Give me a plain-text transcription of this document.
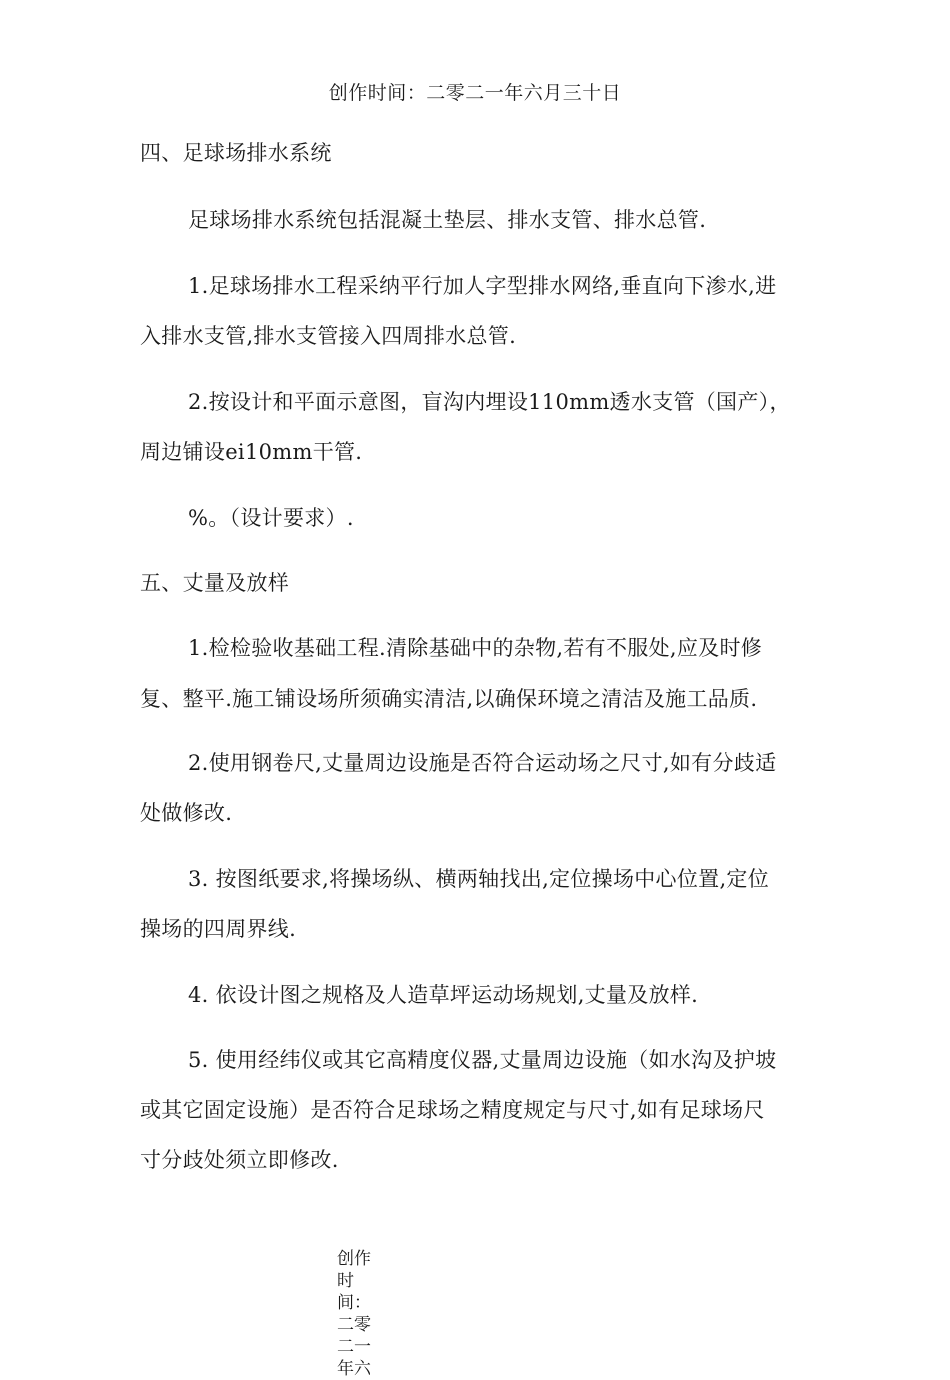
创作时间：二零二一年六月三十日
四、足球场排水系统
足球场排水系统包括混凝土垫层、排水支管、排水总管.
1.足球场排水工程采纳平行加人字型排水网络,垂直向下渗水,进
入排水支管,排水支管接入四周排水总管.
2.按设计和平面示意图，盲沟内埋设110mm透水支管（国产），
周边铺设ei10mm干管.
%。（设计要求）.
五、丈量及放样
1.检检验收基础工程.清除基础中的杂物,若有不服处,应及时修
复、整平.施工铺设场所须确实清洁,以确保环境之清洁及施工品质.
2.使用钢卷尺,丈量周边设施是否符合运动场之尺寸,如有分歧适
处做修改.
3. 按图纸要求,将操场纵、横两轴找出,定位操场中心位置,定位
操场的四周界线.
4. 依设计图之规格及人造草坪运动场规划,丈量及放样.
5. 使用经纬仪或其它高精度仪器,丈量周边设施（如水沟及护坡
或其它固定设施）是否符合足球场之精度规定与尺寸,如有足球场尺
寸分歧处须立即修改.
创作时间：二零二一年六
